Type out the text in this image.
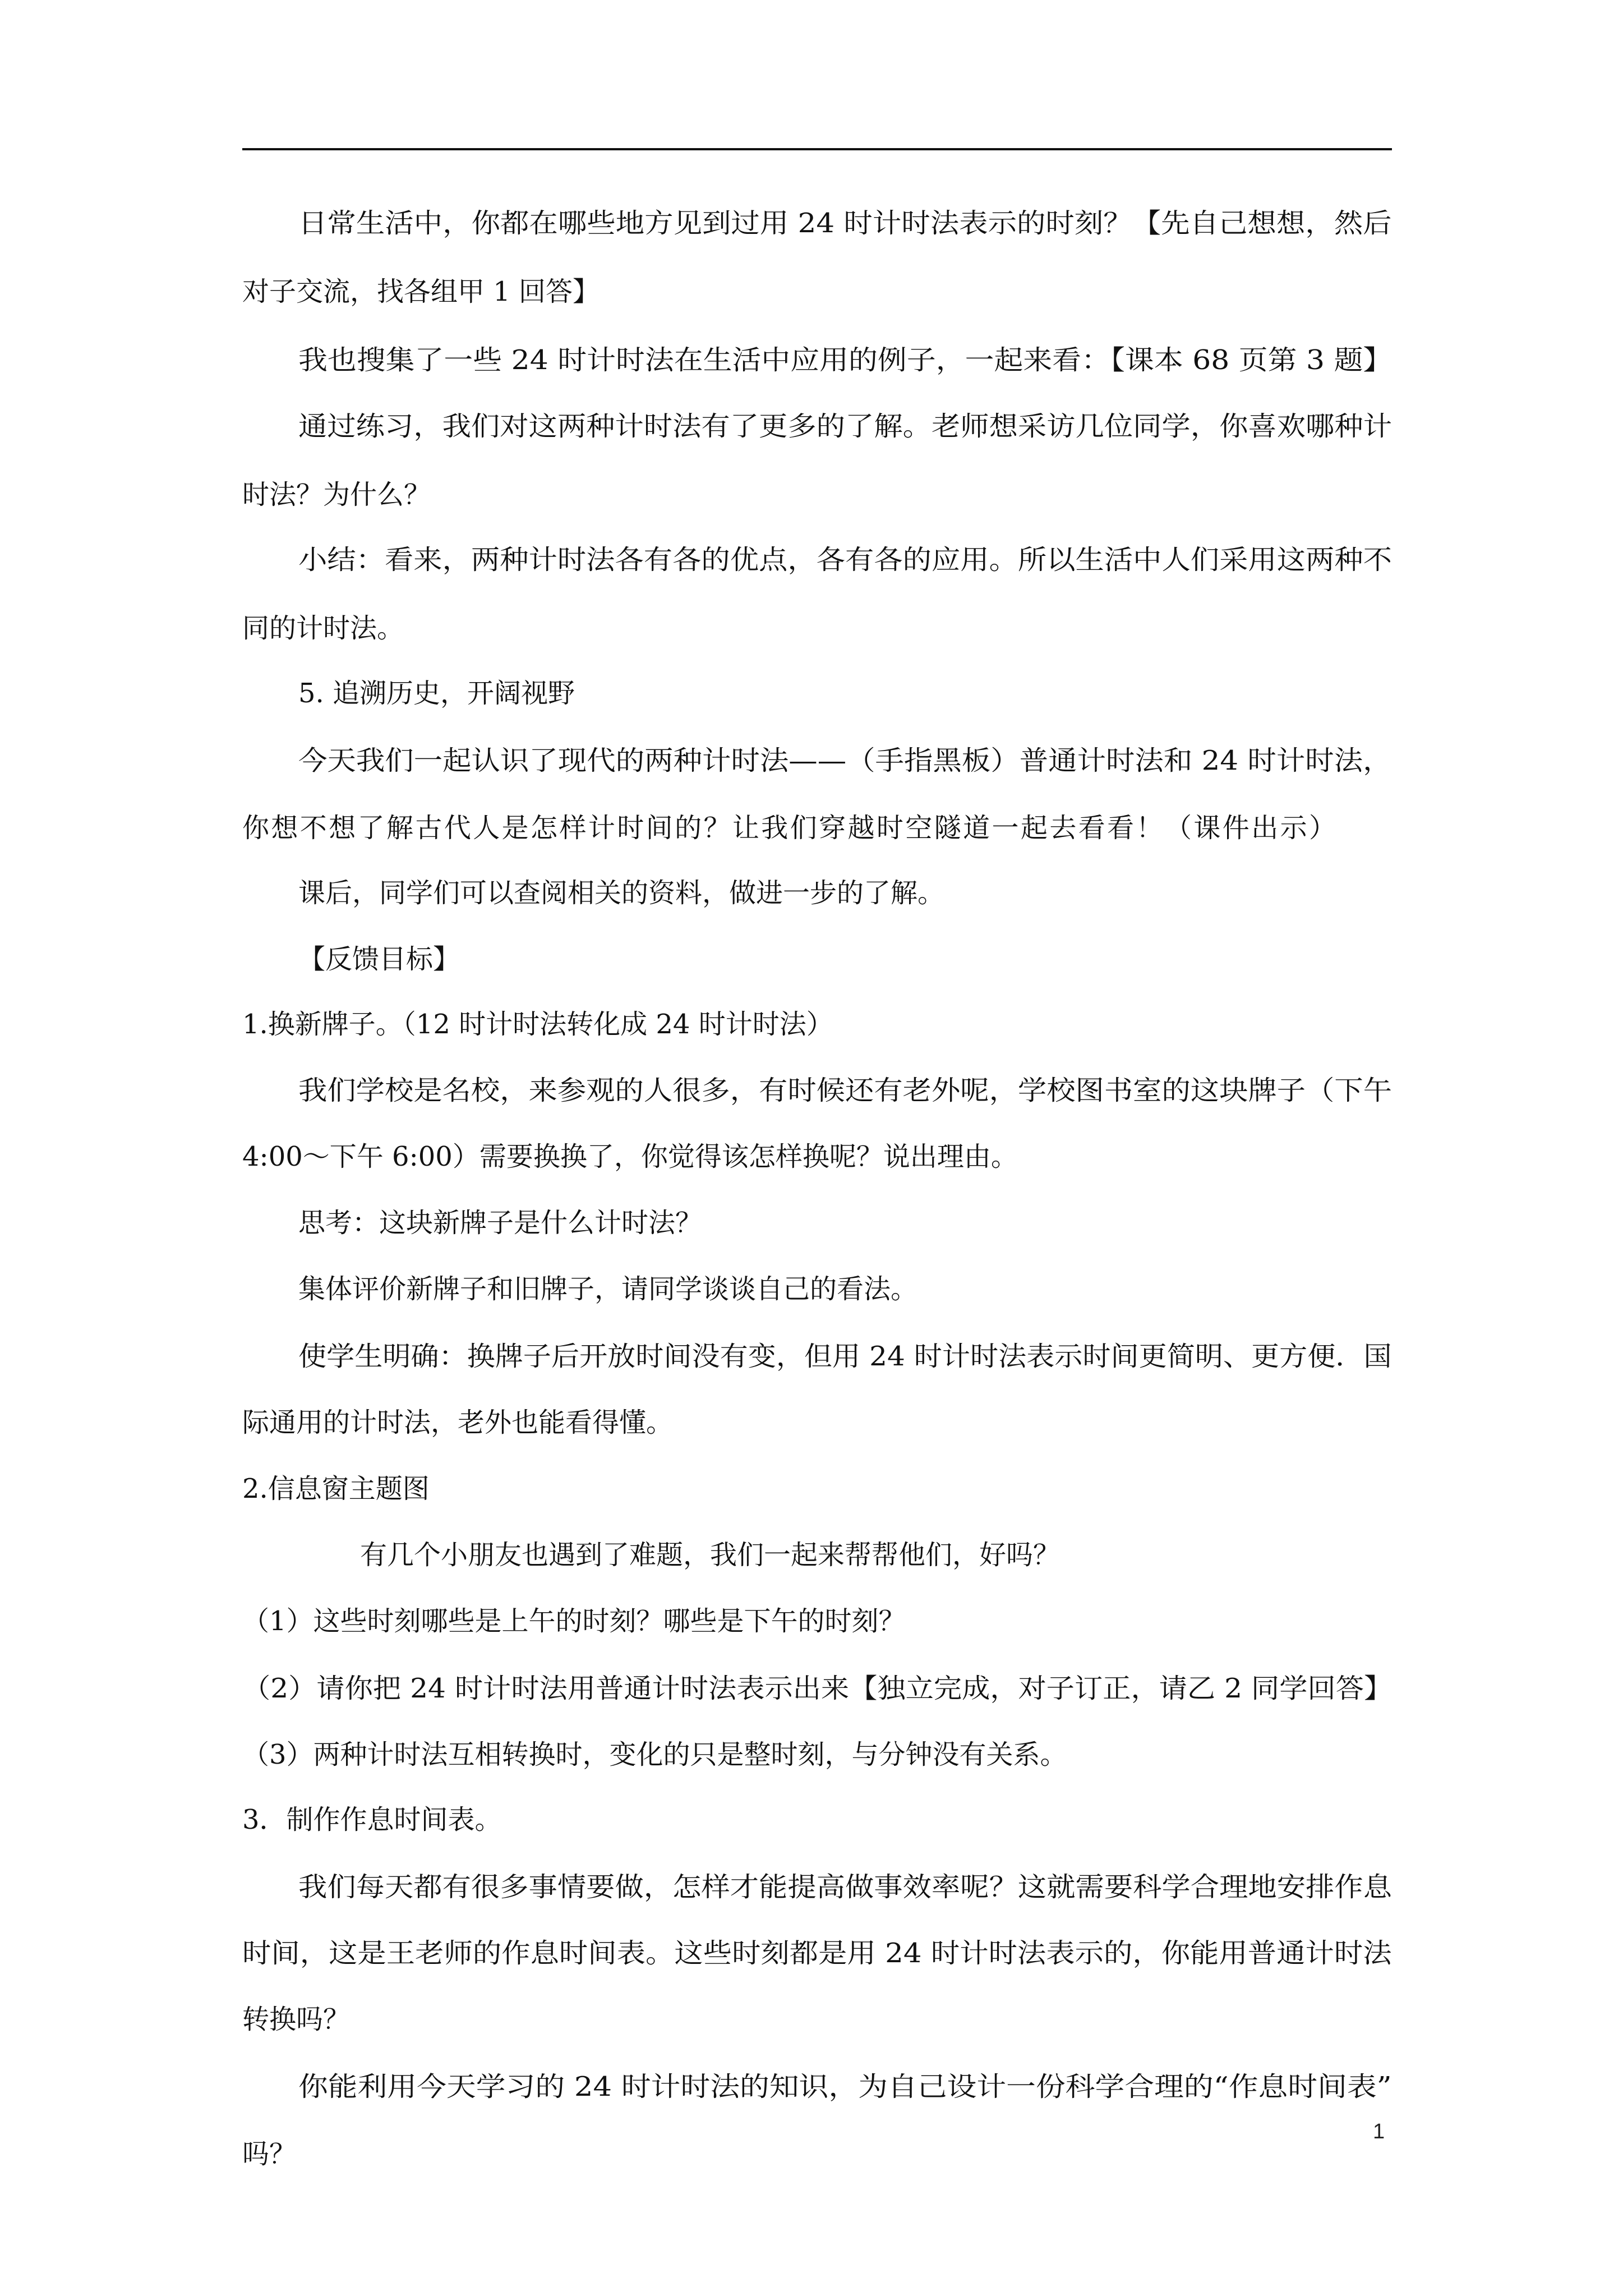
日常生活中，你都在哪些地方见到过用 24 时计时法表示的时刻？【先自己想想，然后
对子交流，找各组甲 1 回答】
我也搜集了一些 24 时计时法在生活中应用的例子，一起来看：【课本 68 页第 3 题】
通过练习，我们对这两种计时法有了更多的了解。老师想采访几位同学，你喜欢哪种计
时法？为什么？
小结：看来，两种计时法各有各的优点，各有各的应用。所以生活中人们采用这两种不
同的计时法。
5. 追溯历史，开阔视野
今天我们一起认识了现代的两种计时法——（手指黑板）普通计时法和 24 时计时法，
你想不想了解古代人是怎样计时间的？让我们穿越时空隧道一起去看看！（课件出示）
课后，同学们可以查阅相关的资料，做进一步的了解。
【反馈目标】
1.换新牌子。（12 时计时法转化成 24 时计时法）
我们学校是名校，来参观的人很多，有时候还有老外呢，学校图书室的这块牌子（下午
4:00～下午 6:00）需要换换了，你觉得该怎样换呢？说出理由。
思考：这块新牌子是什么计时法？
集体评价新牌子和旧牌子，请同学谈谈自己的看法。
使学生明确：换牌子后开放时间没有变，但用 24 时计时法表示时间更简明、更方便．国
际通用的计时法，老外也能看得懂。
2.信息窗主题图
有几个小朋友也遇到了难题，我们一起来帮帮他们，好吗？
（1）这些时刻哪些是上午的时刻？哪些是下午的时刻？
（2）请你把 24 时计时法用普通计时法表示出来【独立完成，对子订正，请乙 2 同学回答】
（3）两种计时法互相转换时，变化的只是整时刻，与分钟没有关系。
3．制作作息时间表。
我们每天都有很多事情要做，怎样才能提高做事效率呢？这就需要科学合理地安排作息
时间，这是王老师的作息时间表。这些时刻都是用 24 时计时法表示的，你能用普通计时法
转换吗？
你能利用今天学习的 24 时计时法的知识，为自己设计一份科学合理的“作息时间表”
吗？
1
